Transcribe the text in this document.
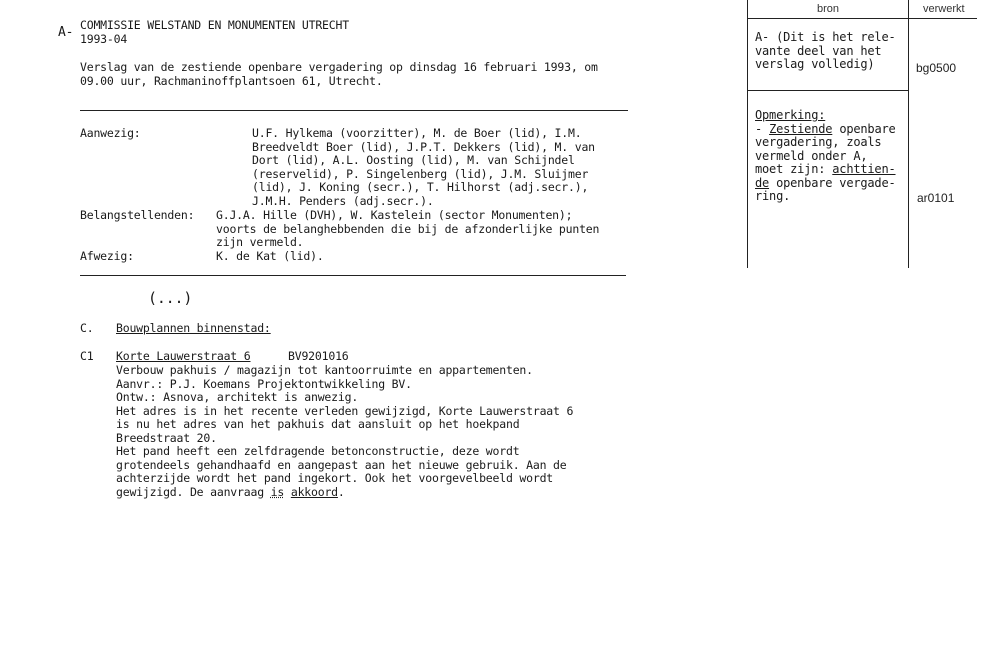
A- COMMISSIE WELSTAND EN MONUMENTEN UTRECHT
1993-04
Verslag van de zestiende openbare vergadering op dinsdag 16 februari 1993, om
09.00 uur, Rachmaninoffplantsoen 61, Utrecht.
Aanwezig:	U.F. Hylkema (voorzitter), M. de Boer (lid), I.M.
Breedveldt Boer (lid), J.P.T. Dekkers (lid), M. van
Dort (lid), A.L. Oosting (lid), M. van Schijndel
(reservelid), P. Singelenberg (lid), J.M. Sluijmer
(lid), J. Koning (secr.), T. Hilhorst (adj.secr.),
J.M.H. Penders (adj.secr.).
Belangstellenden: G.J.A. Hille (DVH), W. Kastelein (sector Monumenten);
voorts de belanghebbenden die bij de afzonderlijke punten
zijn vermeld.
Afwezig:	K. de Kat (lid).
(...)
C. Bouwplannen binnenstad:
C1 Korte Lauwerstraat 6	BV9201016
Verbouw pakhuis / magazijn tot kantoorruimte en appartementen.
Aanvr.: P.J. Koemans Projektontwikkeling BV.
Ontw.: Asnova, architekt is anwezig.
Het adres is in het recente verleden gewijzigd, Korte Lauwerstraat 6
is nu het adres van het pakhuis dat aansluit op het hoekpand
Breedstraat 20.
Het pand heeft een zelfdragende betonconstructie, deze wordt
grotendeels gehandhaafd en aangepast aan het nieuwe gebruik. Aan de
achterzijde wordt het pand ingekort. Ook het voorgevelbeeld wordt
gewijzigd. De aanvraag is akkoord.
bron	verwerkt
A- (Dit is het rele-
vante deel van het
verslag volledig)	bg0500
Opmerking:
- Zestiende openbare
vergadering, zoals
vermeld onder A,
moet zijn: achttien-
de openbare vergade-
ring.	ar0101
